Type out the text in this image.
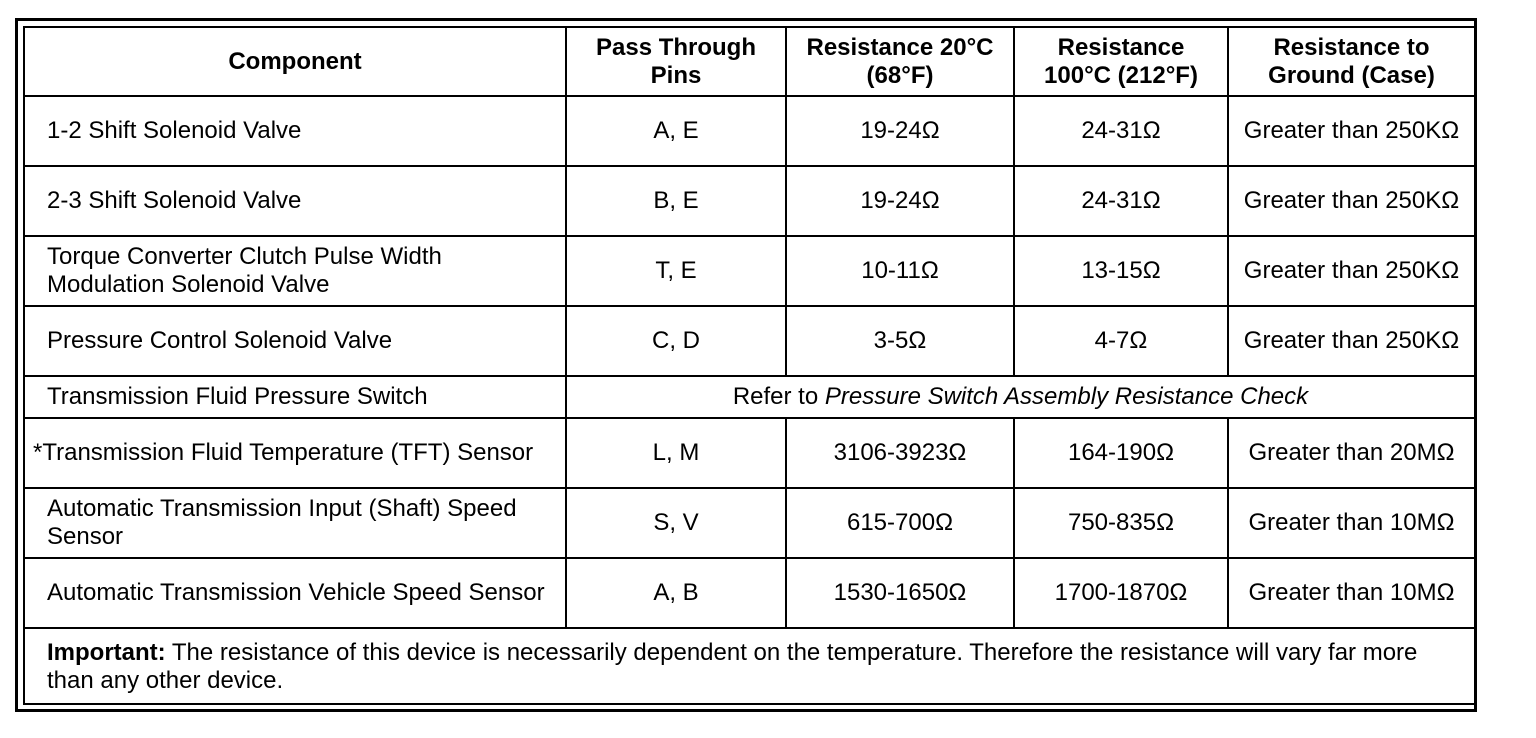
Component	Pass Through Pins	Resistance 20°C (68°F)	Resistance 100°C (212°F)	Resistance to Ground (Case)
1-2 Shift Solenoid Valve	A, E	19-24Ω	24-31Ω	Greater than 250KΩ
2-3 Shift Solenoid Valve	B, E	19-24Ω	24-31Ω	Greater than 250KΩ
Torque Converter Clutch Pulse Width Modulation Solenoid Valve	T, E	10-11Ω	13-15Ω	Greater than 250KΩ
Pressure Control Solenoid Valve	C, D	3-5Ω	4-7Ω	Greater than 250KΩ
Transmission Fluid Pressure Switch	Refer to Pressure Switch Assembly Resistance Check			
*Transmission Fluid Temperature (TFT) Sensor	L, M	3106-3923Ω	164-190Ω	Greater than 20MΩ
Automatic Transmission Input (Shaft) Speed Sensor	S, V	615-700Ω	750-835Ω	Greater than 10MΩ
Automatic Transmission Vehicle Speed Sensor	A, B	1530-1650Ω	1700-1870Ω	Greater than 10MΩ
Important: The resistance of this device is necessarily dependent on the temperature. Therefore the resistance will vary far more than any other device.				
